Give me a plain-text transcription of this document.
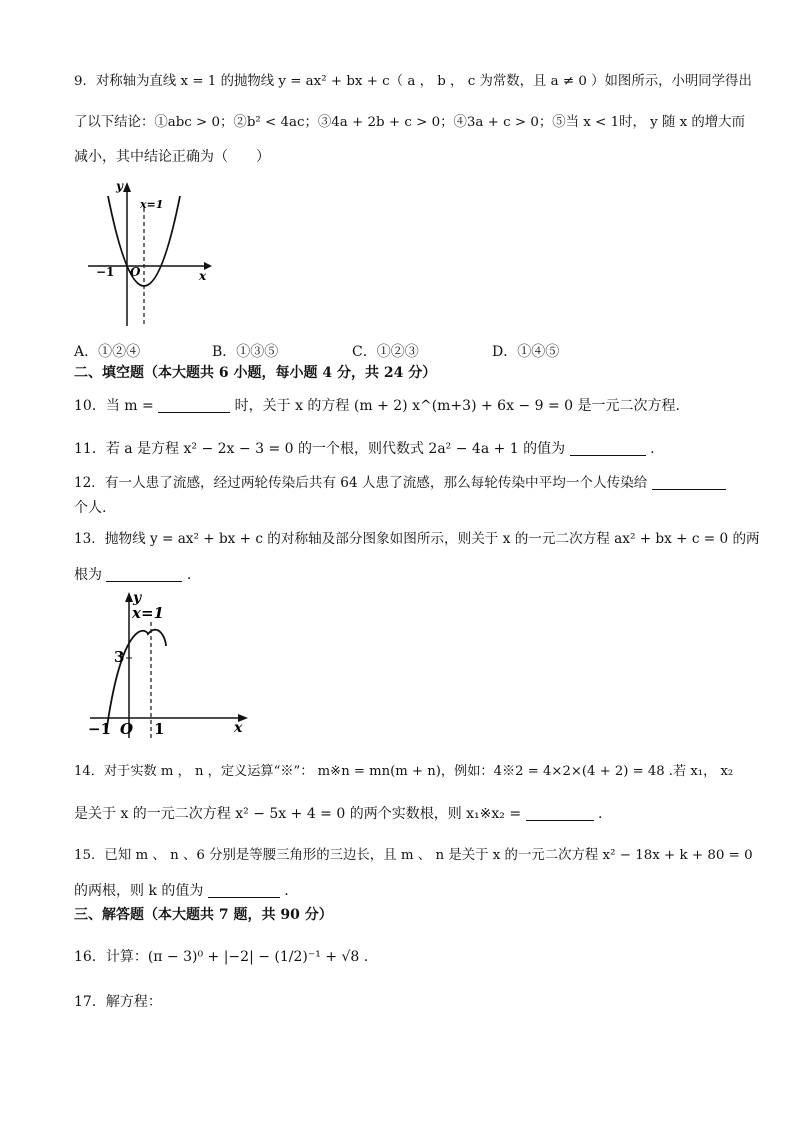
9．对称轴为直线 x = 1 的抛物线 y = ax² + bx + c（ a ， b ， c 为常数，且 a ≠ 0 ）如图所示，小明同学得出
了以下结论：①abc > 0；②b² < 4ac；③4a + 2b + c > 0；④3a + c > 0；⑤当 x < 1时， y 随 x 的增大而
减小，其中结论正确为（　　）
y
x
x=1
−1 O
A．①②④	B．①③⑤	C．①②③	D．①④⑤
二、填空题（本大题共 6 小题，每小题 4 分，共 24 分）
10．当 m =	时，关于 x 的方程 (m + 2) x^(m+3) + 6x − 9 = 0 是一元二次方程.
11．若 a 是方程 x² − 2x − 3 = 0 的一个根，则代数式 2a² − 4a + 1 的值为	.
12．有一人患了流感，经过两轮传染后共有 64 人患了流感，那么每轮传染中平均一个人传染给
个人.
13．抛物线 y = ax² + bx + c 的对称轴及部分图象如图所示，则关于 x 的一元二次方程 ax² + bx + c = 0 的两
根为	.
y
x=1
3
x
−1 O 1
14．对于实数 m ， n ，定义运算“※”： m※n = mn(m + n)，例如：4※2 = 4×2×(4 + 2) = 48 .若 x₁， x₂
是关于 x 的一元二次方程 x² − 5x + 4 = 0 的两个实数根，则 x₁※x₂ =	.
15．已知 m 、 n 、6 分别是等腰三角形的三边长，且 m 、 n 是关于 x 的一元二次方程 x² − 18x + k + 80 = 0
的两根，则 k 的值为	.
三、解答题（本大题共 7 题，共 90 分）
16．计算：(π − 3)⁰ + |−2| − (1/2)⁻¹ + √8 .
17．解方程：
